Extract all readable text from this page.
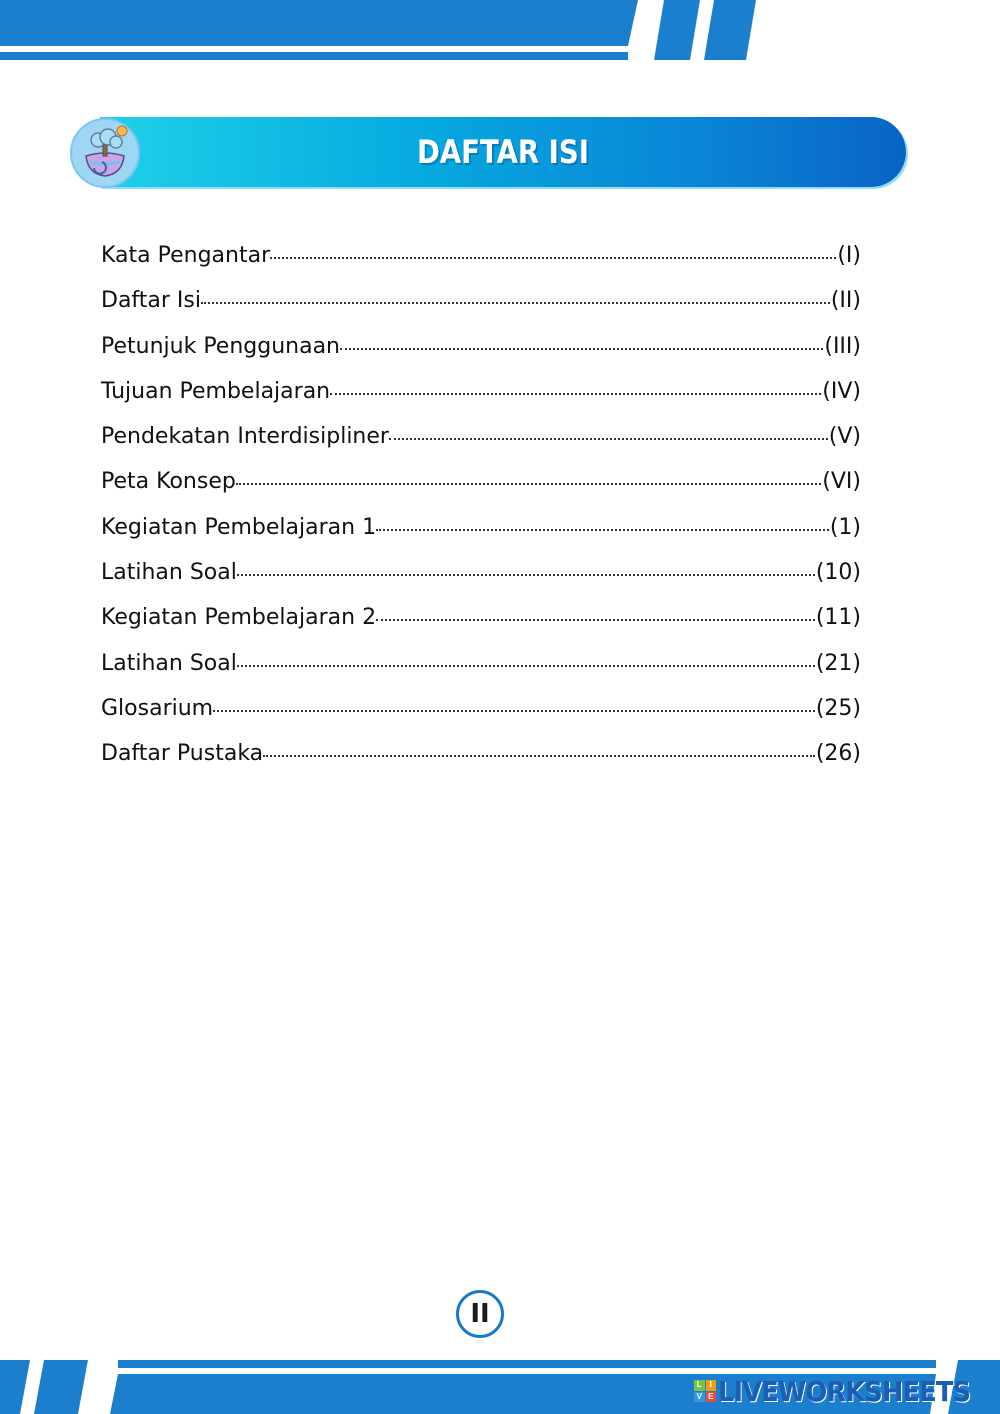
DAFTAR ISI
Kata Pengantar	(I)
Daftar Isi	(II)
Petunjuk Penggunaan	(III)
Tujuan Pembelajaran	(IV)
Pendekatan Interdisipliner	(V)
Peta Konsep	(VI)
Kegiatan Pembelajaran 1	(1)
Latihan Soal	(10)
Kegiatan Pembelajaran 2	(11)
Latihan Soal	(21)
Glosarium	(25)
Daftar Pustaka	(26)
II
L I
V E LIVEWORKSHEETS
